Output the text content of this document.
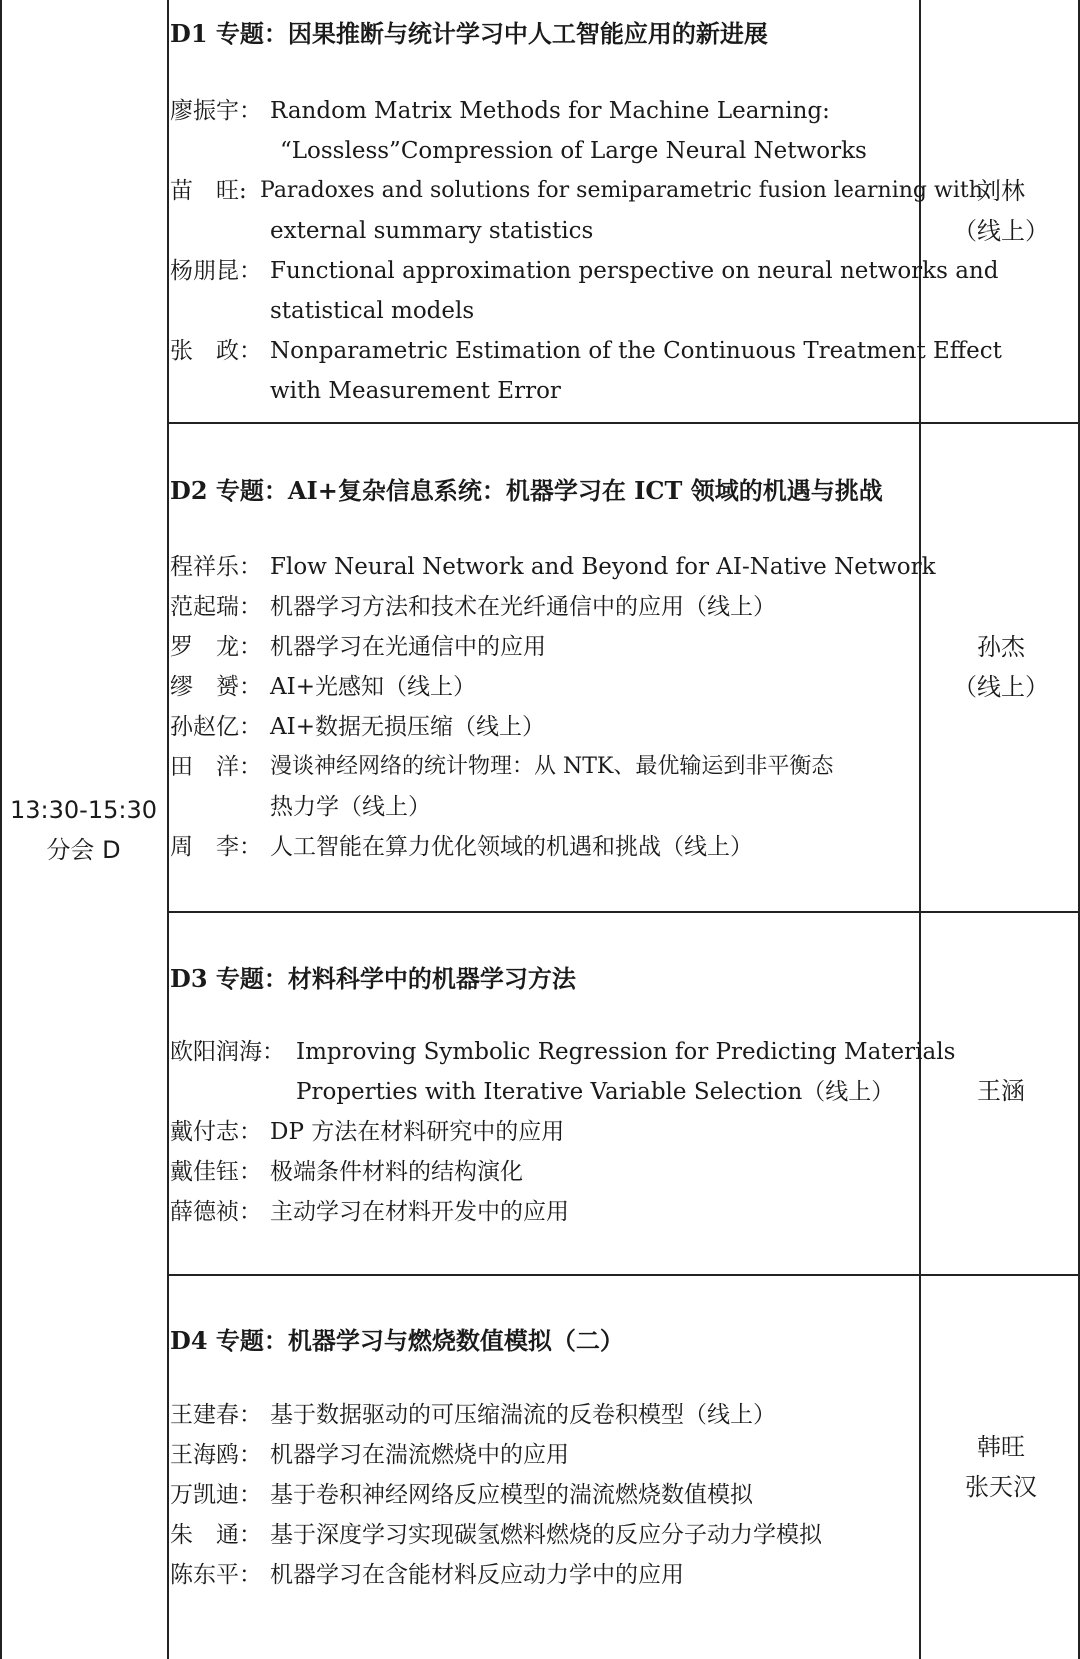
13:30-15:30
分会 D
D1 专题：因果推断与统计学习中人工智能应用的新进展
廖振宇： Random Matrix Methods for Machine Learning:
“Lossless”Compression of Large Neural Networks
苗　旺: Paradoxes and solutions for semiparametric fusion learning with
external summary statistics
杨朋昆： Functional approximation perspective on neural networks and
statistical models
张　政： Nonparametric Estimation of the Continuous Treatment Effect
with Measurement Error
刘林
（线上）
D2 专题：AI+复杂信息系统：机器学习在 ICT 领域的机遇与挑战
程祥乐： Flow Neural Network and Beyond for AI-Native Network
范起瑞： 机器学习方法和技术在光纤通信中的应用（线上）
罗　龙： 机器学习在光通信中的应用
缪　赟： AI+光感知（线上）
孙赵亿： AI+数据无损压缩（线上）
田　洋： 漫谈神经网络的统计物理：从 NTK、最优输运到非平衡态
热力学（线上）
周　李： 人工智能在算力优化领域的机遇和挑战（线上）
孙杰
（线上）
D3 专题：材料科学中的机器学习方法
欧阳润海： Improving Symbolic Regression for Predicting Materials
Properties with Iterative Variable Selection（线上）
戴付志： DP 方法在材料研究中的应用
戴佳钰： 极端条件材料的结构演化
薛德祯： 主动学习在材料开发中的应用
王涵
D4 专题：机器学习与燃烧数值模拟（二）
王建春： 基于数据驱动的可压缩湍流的反卷积模型（线上）
王海鸥： 机器学习在湍流燃烧中的应用
万凯迪： 基于卷积神经网络反应模型的湍流燃烧数值模拟
朱　通： 基于深度学习实现碳氢燃料燃烧的反应分子动力学模拟
陈东平： 机器学习在含能材料反应动力学中的应用
韩旺
张天汉
